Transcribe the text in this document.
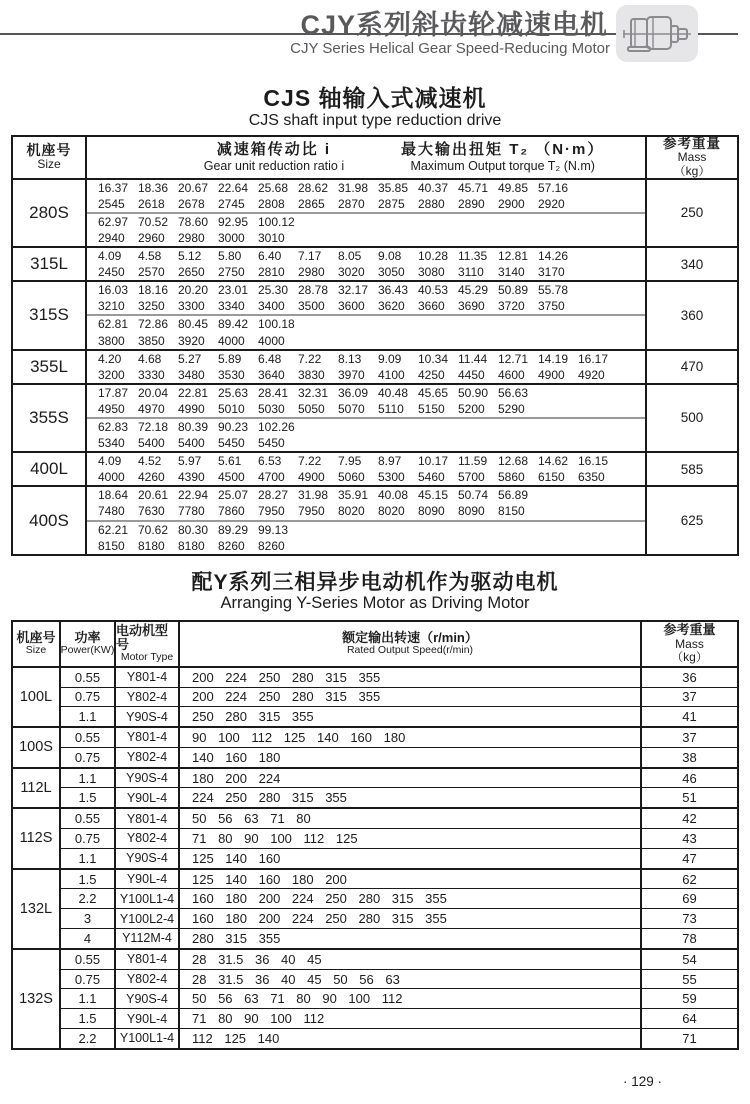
CJY系列斜齿轮减速电机
CJY Series Helical Gear Speed-Reducing Motor
CJS 轴输入式减速机
CJS shaft input type reduction drive
机座号
Size
减速箱传动比 i
Gear unit reduction ratio i
最大输出扭矩 T₂ （N·m）
Maximum Output torque T₂ (N.m)
参考重量
Mass
（kg）
280S
16.37 18.36 20.67 22.64 25.68 28.62 31.98 35.85 40.37 45.71 49.85 57.16
2545	2618	2678	2745	2808	2865	2870	2875	2880	2890	2900	2920
62.97 70.52 78.60 92.95 100.12
2940	2960	2980	3000	3010
250
315L	4.09	4.58	5.12	5.80	6.40	7.17	8.05	9.08	10.28 11.35 12.81 14.26
2450	2570	2650	2750	2810	2980	3020	3050	3080	3110	3140	3170
340
315S
16.03 18.16 20.20 23.01 25.30 28.78 32.17 36.43 40.53 45.29 50.89 55.78
3210	3250	3300	3340	3400	3500	3600	3620	3660	3690	3720	3750
62.81 72.86 80.45 89.42 100.18
3800	3850	3920	4000	4000
360
355L	4.20	4.68	5.27	5.89	6.48	7.22	8.13	9.09	10.34 11.44 12.71 14.19 16.17
3200	3330	3480	3530	3640	3830	3970	4100	4250	4450	4600	4900	4920
470
355S
17.87 20.04 22.81 25.63 28.41 32.31 36.09 40.48 45.65 50.90 56.63
4950	4970	4990	5010	5030	5050	5070	5110	5150	5200	5290
62.83 72.18 80.39 90.23 102.26
5340	5400	5400	5450	5450
500
400L	4.09	4.52	5.97	5.61	6.53	7.22	7.95	8.97	10.17 11.59 12.68 14.62 16.15
4000	4260	4390	4500	4700	4900	5060	5300	5460	5700	5860	6150	6350
585
400S
18.64 20.61 22.94 25.07 28.27 31.98 35.91 40.08 45.15 50.74 56.89
7480	7630	7780	7860	7950	7950	8020	8020	8090	8090	8150
62.21 70.62 80.30 89.29 99.13
8150	8180	8180	8260	8260
625
配Y系列三相异步电动机作为驱动电机
Arranging Y-Series Motor as Driving Motor
机座号
Size
功率
Power(KW)
电动机型号
Motor Type
额定输出转速（r/min）
Rated Output Speed(r/min)
参考重量
Mass
（kg）
100L
0.55	Y801-4	200 224 250 280 315 355	36
0.75	Y802-4	200 224 250 280 315 355	37
1.1	Y90S-4	250 280 315 355	41
100S
0.55	Y801-4	90 100 112 125 140 160 180	37
0.75	Y802-4	140 160 180	38
112L
1.1	Y90S-4	180 200 224	46
1.5	Y90L-4	224 250 280 315 355	51
112S
0.55	Y801-4	50 56 63 71 80	42
0.75	Y802-4	71 80 90 100 112 125	43
1.1	Y90S-4	125 140 160	47
132L
1.5	Y90L-4	125 140 160 180 200	62
2.2	Y100L1-4	160 180 200 224 250 280 315 355	69
3	Y100L2-4	160 180 200 224 250 280 315 355	73
4	Y112M-4	280 315 355	78
132S
0.55	Y801-4	28 31.5 36 40 45	54
0.75	Y802-4	28 31.5 36 40 45 50 56 63	55
1.1	Y90S-4	50 56 63 71 80 90 100 112	59
1.5	Y90L-4	71 80 90 100 112	64
2.2	Y100L1-4	112 125 140	71
· 129 ·
